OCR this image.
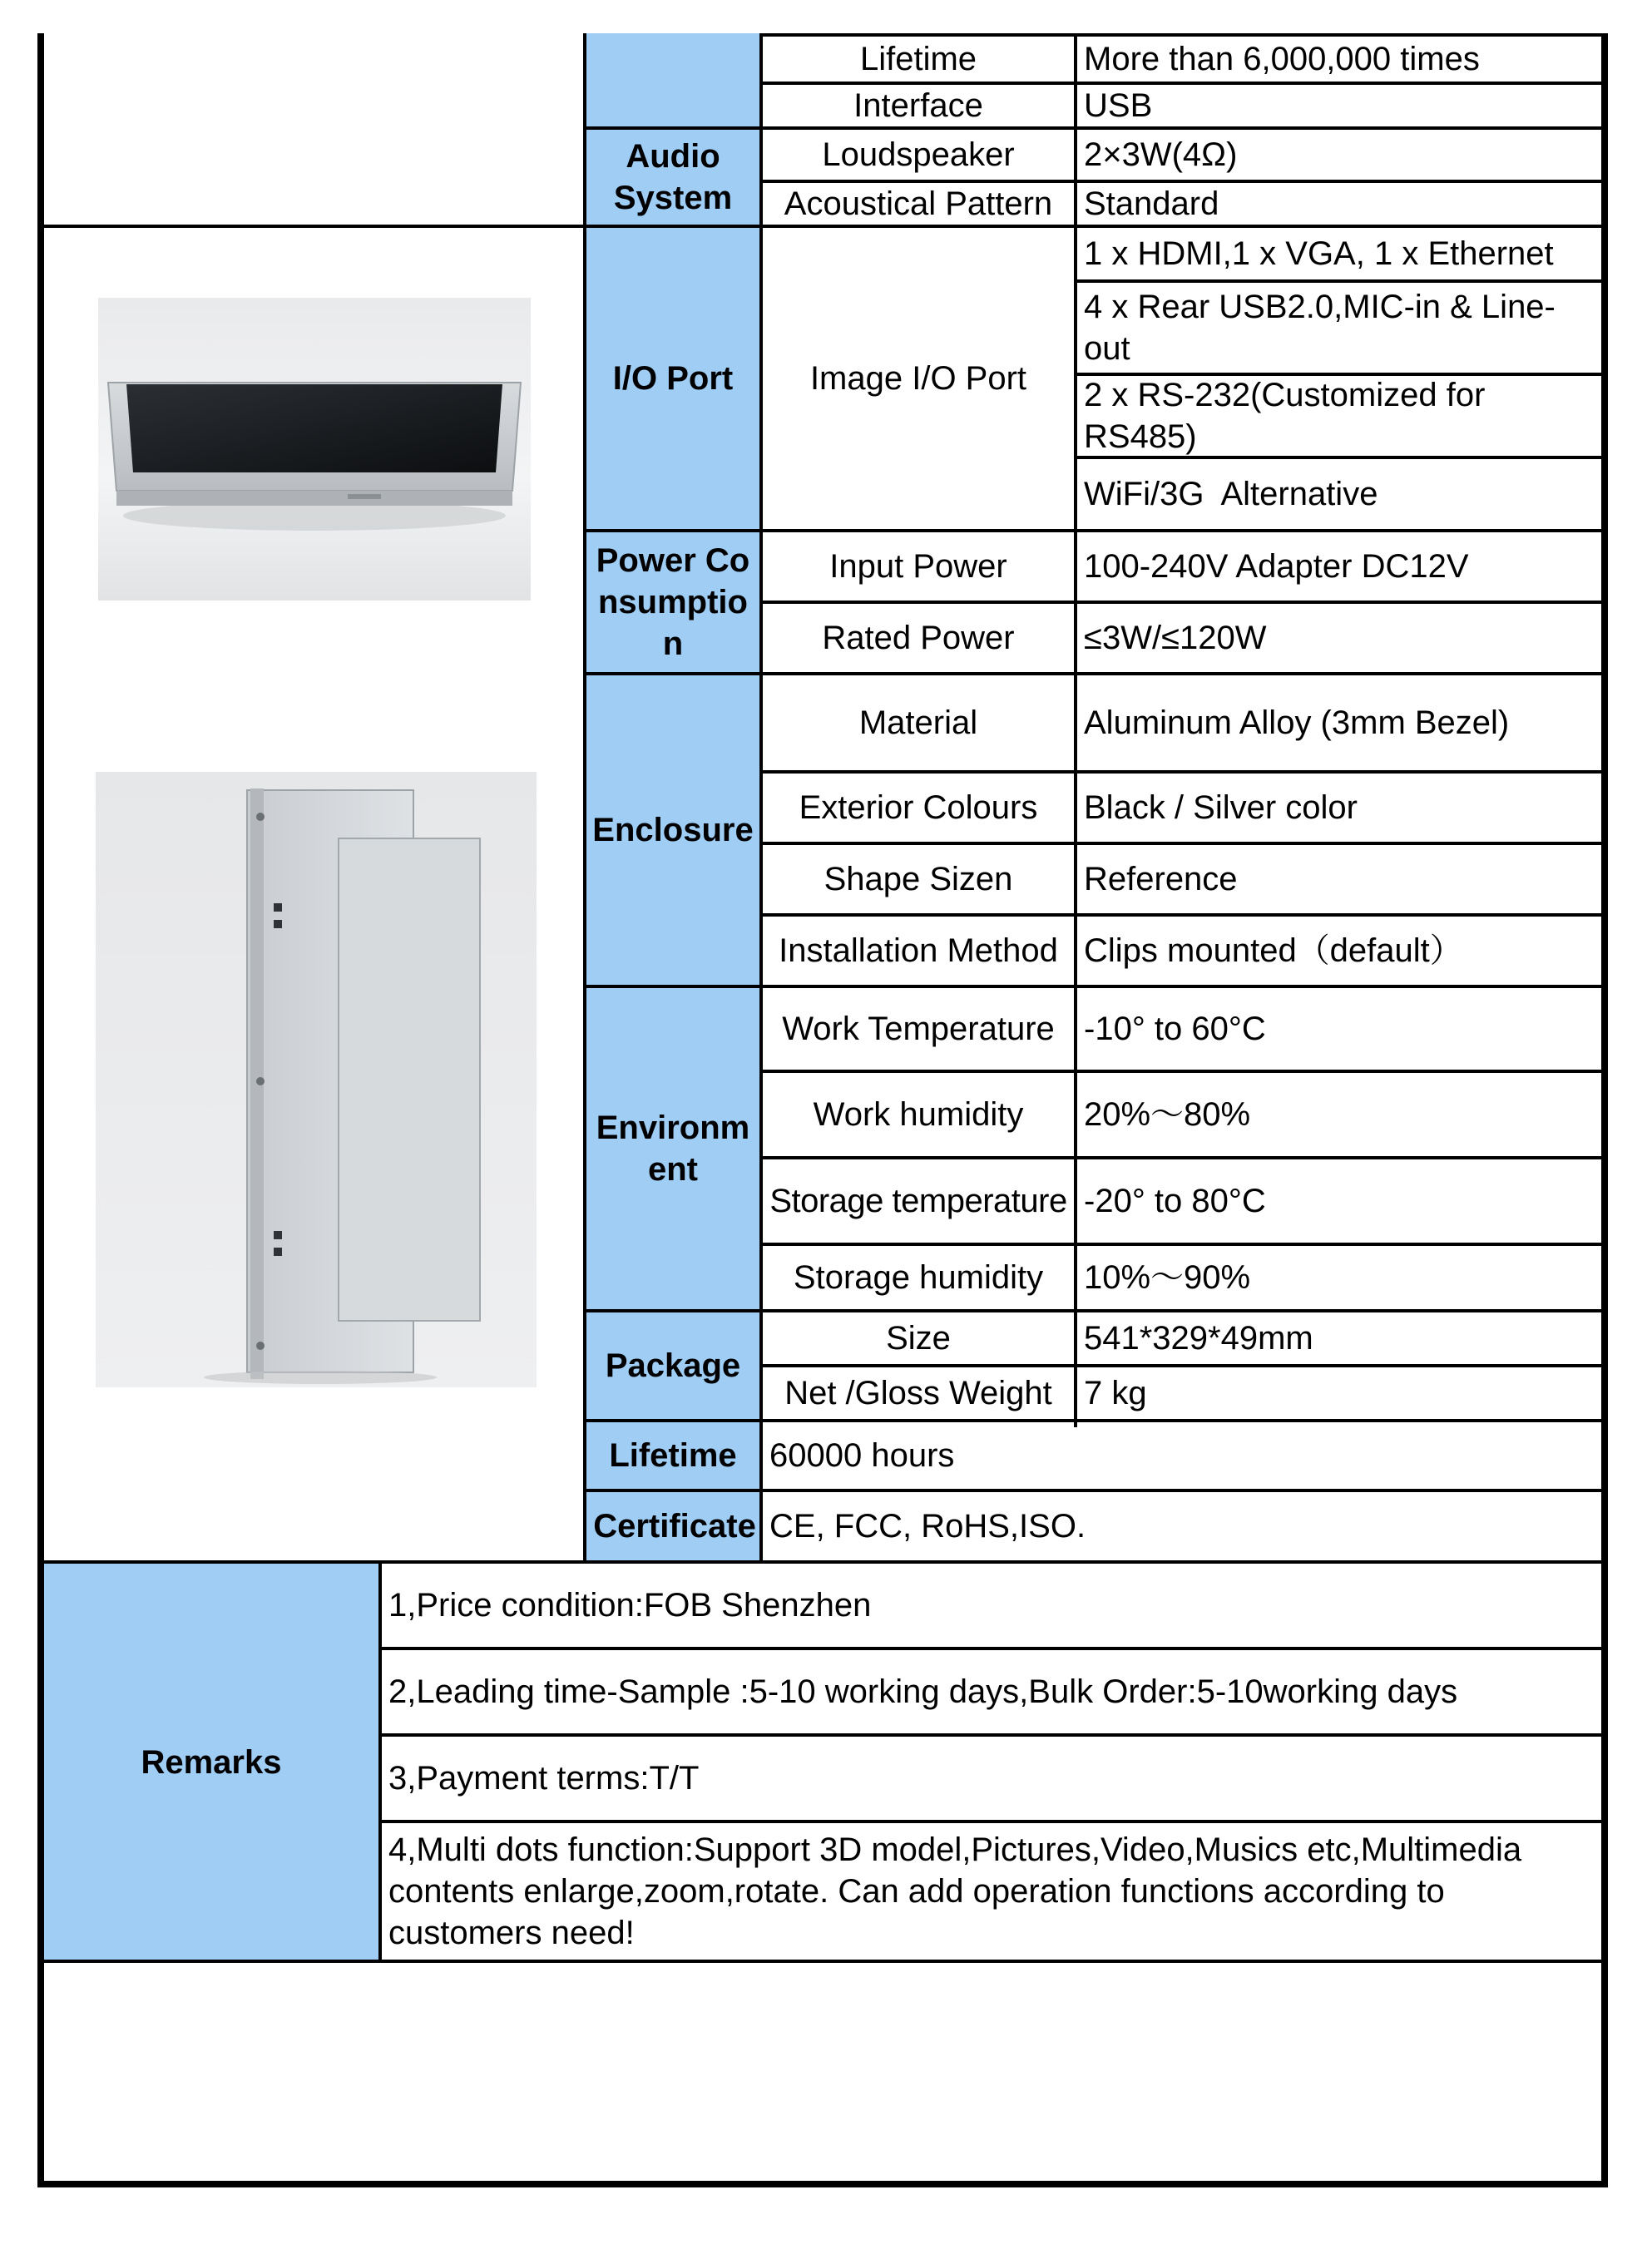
Audio System
I/O Port
Power Consumption
Enclosure
Environment
Package
Lifetime
Certificate
Lifetime
Interface
Loudspeaker
Acoustical Pattern
Image I/O Port
Input Power
Rated Power
Material
Exterior Colours
Shape Sizen
Installation Method
Work Temperature
Work humidity
Storage temperature
Storage humidity
Size
Net /Gloss Weight
More than 6,000,000 times
USB
2×3W(4Ω)
Standard
1 x HDMI,1 x VGA, 1 x Ethernet
4 x Rear USB2.0,MIC-in & Line-out
2 x RS-232(Customized for RS485)
WiFi/3G  Alternative
100-240V Adapter DC12V
≤3W/≤120W
Aluminum Alloy (3mm Bezel)
Black / Silver color
Reference
Clips mounted（default）
-10° to 60°C
20%～80%
-20° to 80°C
10%～90%
541*329*49mm
7 kg
60000 hours
CE, FCC, RoHS,ISO.
Remarks
1,Price condition:FOB Shenzhen
2,Leading time-Sample :5-10 working days,Bulk Order:5-10working days
3,Payment terms:T/T
4,Multi dots function:Support 3D model,Pictures,Video,Musics etc,Multimedia contents enlarge,zoom,rotate. Can add operation functions according to customers need!
